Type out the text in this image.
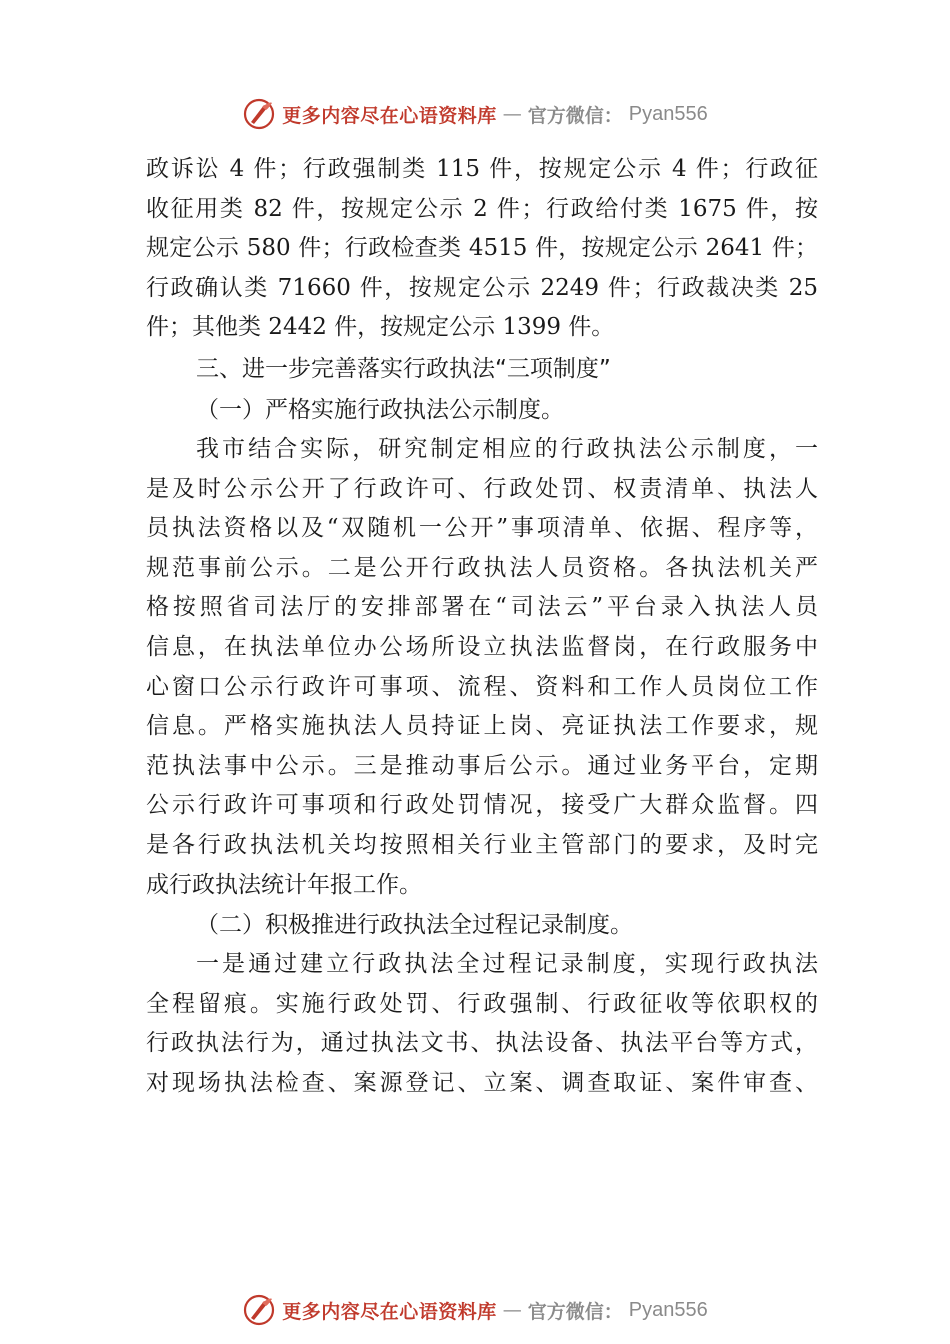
更多内容尽在心语资料库 — 官方微信： Pyan556
政诉讼 4 件；行政强制类 115 件，按规定公示 4 件；行政征
收征用类 82 件，按规定公示 2 件；行政给付类 1675 件，按
规定公示 580 件；行政检查类 4515 件，按规定公示 2641 件；
行政确认类 71660 件，按规定公示 2249 件；行政裁决类 25
件；其他类 2442 件，按规定公示 1399 件。
三、进一步完善落实行政执法“三项制度”
（一）严格实施行政执法公示制度。
我市结合实际，研究制定相应的行政执法公示制度，一
是及时公示公开了行政许可、行政处罚、权责清单、执法人
员执法资格以及“双随机一公开”事项清单、依据、程序等，
规范事前公示。二是公开行政执法人员资格。各执法机关严
格按照省司法厅的安排部署在“司法云”平台录入执法人员
信息，在执法单位办公场所设立执法监督岗，在行政服务中
心窗口公示行政许可事项、流程、资料和工作人员岗位工作
信息。严格实施执法人员持证上岗、亮证执法工作要求，规
范执法事中公示。三是推动事后公示。通过业务平台，定期
公示行政许可事项和行政处罚情况，接受广大群众监督。四
是各行政执法机关均按照相关行业主管部门的要求，及时完
成行政执法统计年报工作。
（二）积极推进行政执法全过程记录制度。
一是通过建立行政执法全过程记录制度，实现行政执法
全程留痕。实施行政处罚、行政强制、行政征收等依职权的
行政执法行为，通过执法文书、执法设备、执法平台等方式，
对现场执法检查、案源登记、立案、调查取证、案件审查、
更多内容尽在心语资料库 — 官方微信： Pyan556
